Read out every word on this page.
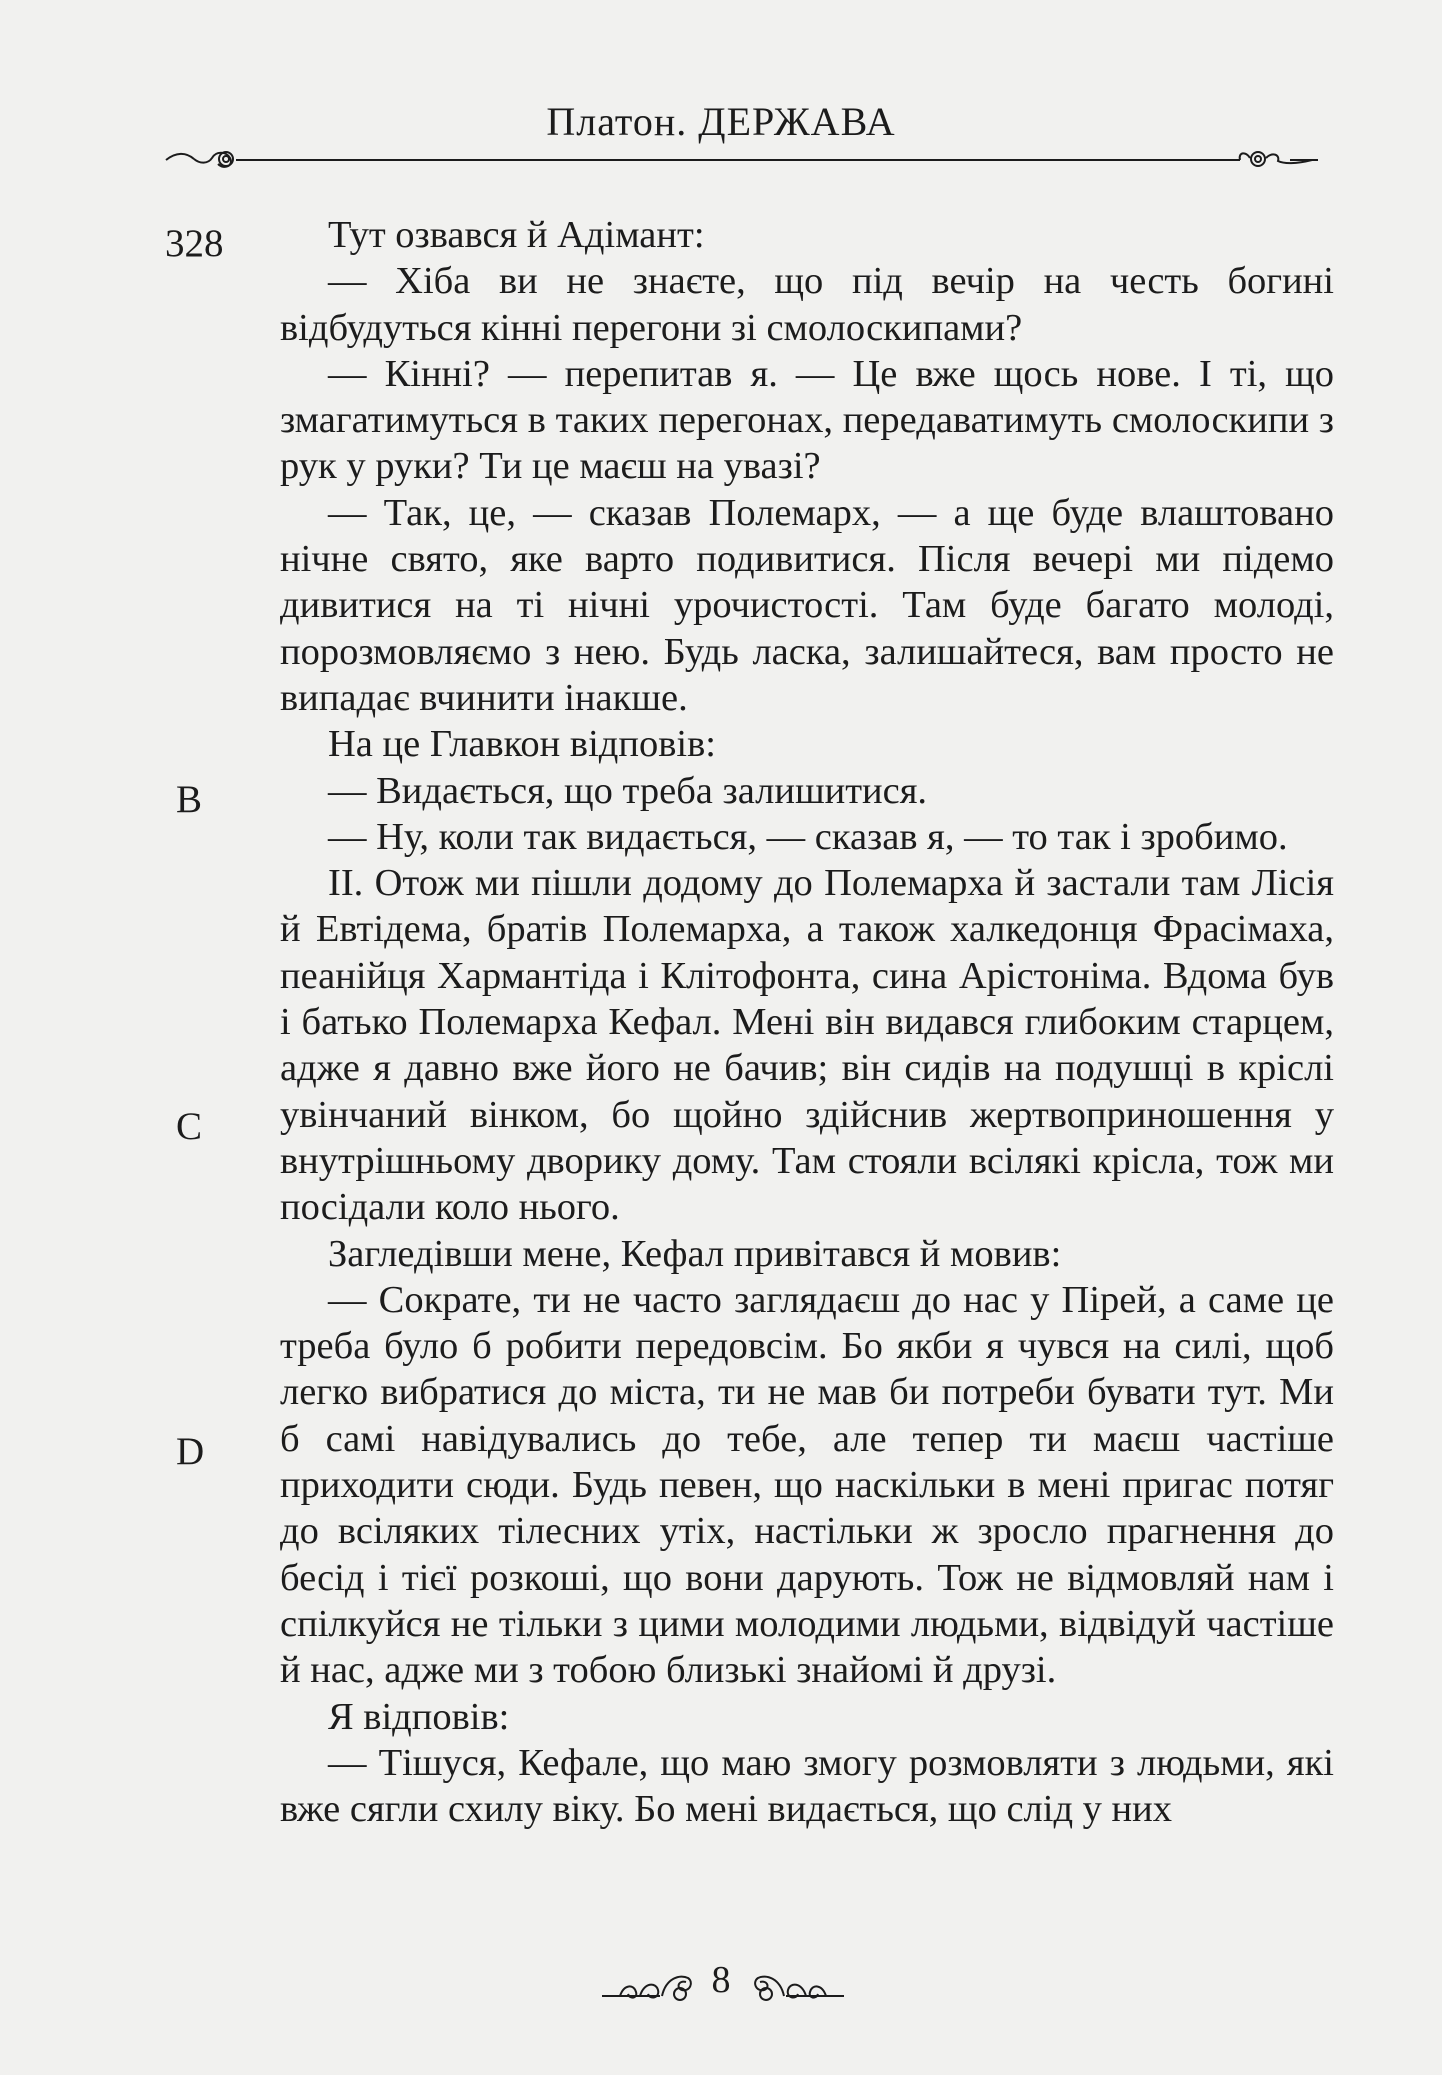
Платон. ДЕРЖАВА
328
B
C
D

Тут озвався й Адімант:

— Хіба ви не знаєте, що під вечір на честь богині відбудуться кінні перегони зі смолоскипами?

— Кінні? — перепитав я. — Це вже щось нове. І ті, що змагатимуться в таких перегонах, передаватимуть смолоскипи з рук у руки? Ти це маєш на увазі?

— Так, це, — сказав Полемарх, — а ще буде влаштовано нічне свято, яке варто подивитися. Після вечері ми підемо дивитися на ті нічні урочистості. Там буде багато молоді, порозмовляємо з нею. Будь ласка, залишайтеся, вам просто не випадає вчинити інакше.

На це Главкон відповів:

— Видається, що треба залишитися.

— Ну, коли так видається, — сказав я, — то так і зробимо.

II. Отож ми пішли додому до Полемарха й застали там Лісія й Евтідема, братів Полемарха, а також халкедонця Фрасімаха, пеанійця Хармантіда і Клітофонта, сина Арістоніма. Вдома був і батько Полемарха Кефал. Мені він видався глибоким старцем, адже я давно вже його не бачив; він сидів на подушці в кріслі увінчаний вінком, бо щойно здійснив жертвоприношення у внутрішньому дворику дому. Там стояли всілякі крісла, тож ми посідали коло нього.

Загледівши мене, Кефал привітався й мовив:

— Сократе, ти не часто заглядаєш до нас у Пірей, а саме це треба було б робити передовсім. Бо якби я чувся на силі, щоб легко вибратися до міста, ти не мав би потреби бувати тут. Ми б самі навідувались до тебе, але тепер ти маєш частіше приходити сюди. Будь певен, що наскільки в мені пригас потяг до всіляких тілесних утіх, настільки ж зросло прагнення до бесід і тієї розкоші, що вони дарують. Тож не відмовляй нам і спілкуйся не тільки з цими молодими людьми, відвідуй частіше й нас, адже ми з тобою близькі знайомі й друзі.

Я відповів:

— Тішуся, Кефале, що маю змогу розмовляти з людьми, які вже сягли схилу віку. Бо мені видається, що слід у них

8
